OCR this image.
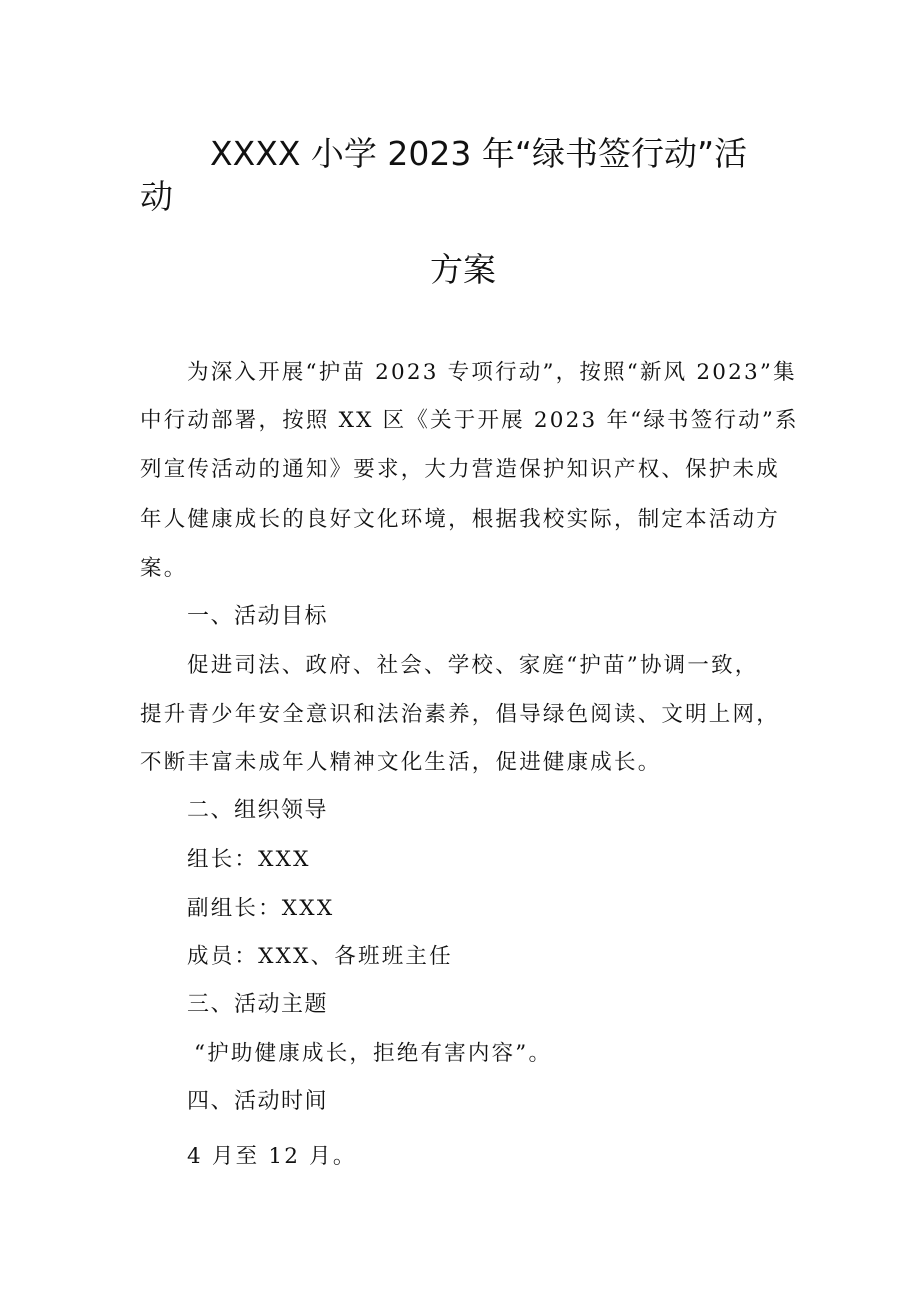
XXXX 小学 2023 年“绿书签行动”活
动
方案
为深入开展“护苗 2023 专项行动”，按照“新风 2023”集
中行动部署，按照 XX 区《关于开展 2023 年“绿书签行动”系
列宣传活动的通知》要求，大力营造保护知识产权、保护未成
年人健康成长的良好文化环境，根据我校实际，制定本活动方
案。
一、活动目标
促进司法、政府、社会、学校、家庭“护苗”协调一致，
提升青少年安全意识和法治素养，倡导绿色阅读、文明上网，
不断丰富未成年人精神文化生活，促进健康成长。
二、组织领导
组长：XXX
副组长：XXX
成员：XXX、各班班主任
三、活动主题
“护助健康成长，拒绝有害内容”。
四、活动时间
4 月至 12 月。
